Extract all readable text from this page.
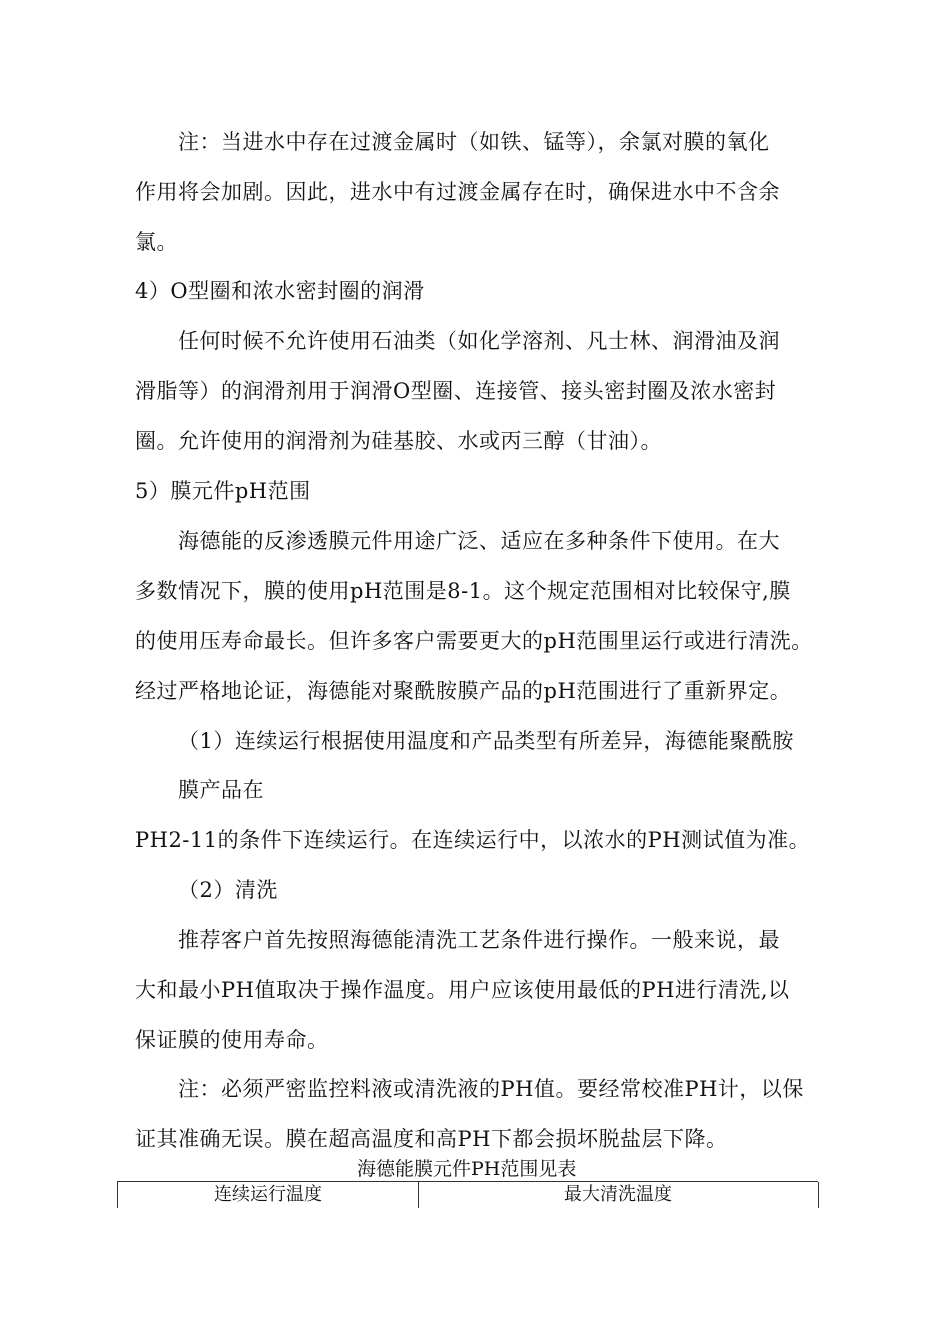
注：当进水中存在过渡金属时（如铁、锰等），余氯对膜的氧化

作用将会加剧。因此，进水中有过渡金属存在时，确保进水中不含余

氯。

4）O型圈和浓水密封圈的润滑

任何时候不允许使用石油类（如化学溶剂、凡士林、润滑油及润

滑脂等）的润滑剂用于润滑O型圈、连接管、接头密封圈及浓水密封

圈。允许使用的润滑剂为硅基胶、水或丙三醇（甘油）。

5）膜元件pH范围

海德能的反渗透膜元件用途广泛、适应在多种条件下使用。在大

多数情况下，膜的使用pH范围是8-1。这个规定范围相对比较保守,膜

的使用压寿命最长。但许多客户需要更大的pH范围里运行或进行清洗。

经过严格地论证，海德能对聚酰胺膜产品的pH范围进行了重新界定。

（1）连续运行根据使用温度和产品类型有所差异，海德能聚酰胺

膜产品在

PH2-11的条件下连续运行。在连续运行中，以浓水的PH测试值为准。

（2）清洗

推荐客户首先按照海德能清洗工艺条件进行操作。一般来说，最

大和最小PH值取决于操作温度。用户应该使用最低的PH进行清洗,以

保证膜的使用寿命。

注：必须严密监控料液或清洗液的PH值。要经常校准PH计，以保

证其准确无误。膜在超高温度和高PH下都会损坏脱盐层下降。

海德能膜元件PH范围见表
连续运行温度	最大清洗温度
